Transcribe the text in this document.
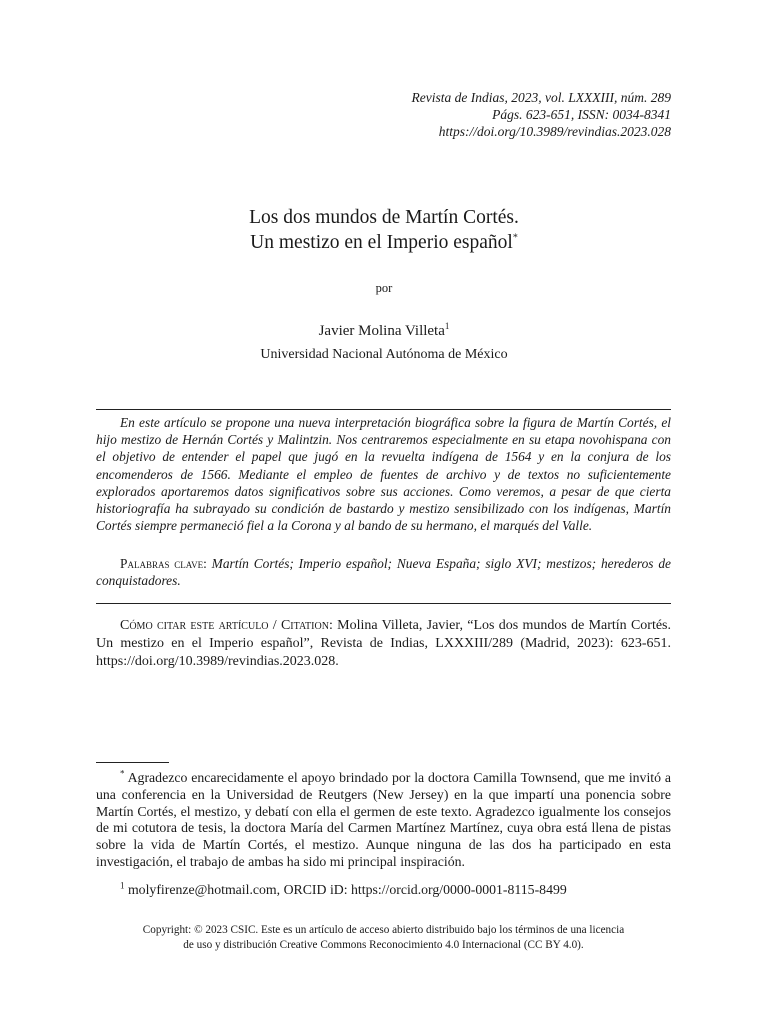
Revista de Indias, 2023, vol. LXXXIII, núm. 289
Págs. 623-651, ISSN: 0034-8341
https://doi.org/10.3989/revindias.2023.028
Los dos mundos de Martín Cortés.
Un mestizo en el Imperio español*
por
Javier Molina Villeta$^1$
Universidad Nacional Autónoma de México

En este artículo se propone una nueva interpretación biográfica sobre la figura de Martín Cortés, el hijo mestizo de Hernán Cortés y Malintzin. Nos centraremos especialmente en su etapa novohispana con el objetivo de entender el papel que jugó en la revuelta indígena de 1564 y en la conjura de los encomenderos de 1566. Mediante el empleo de fuentes de archivo y de textos no suficientemente explorados aportaremos datos significativos sobre sus acciones. Como veremos, a pesar de que cierta historiografía ha subrayado su condición de bastardo y mestizo sensibilizado con los indígenas, Martín Cortés siempre permaneció fiel a la Corona y al bando de su hermano, el marqués del Valle.

Palabras clave: Martín Cortés; Imperio español; Nueva España; siglo XVI; mestizos; herederos de conquistadores.

Cómo citar este artículo / Citation: Molina Villeta, Javier, “Los dos mundos de Martín Cortés. Un mestizo en el Imperio español”, Revista de Indias, LXXXIII/289 (Madrid, 2023): 623-651. https://doi.org/10.3989/revindias.2023.028.

* Agradezco encarecidamente el apoyo brindado por la doctora Camilla Townsend, que me invitó a una conferencia en la Universidad de Reutgers (New Jersey) en la que impartí una ponencia sobre Martín Cortés, el mestizo, y debatí con ella el germen de este texto. Agradezco igualmente los consejos de mi cotutora de tesis, la doctora María del Carmen Martínez Martínez, cuya obra está llena de pistas sobre la vida de Martín Cortés, el mestizo. Aunque ninguna de las dos ha participado en esta investigación, el trabajo de ambas ha sido mi principal inspiración.

$^1$ molyfirenze@hotmail.com, ORCID iD: https://orcid.org/0000-0001-8115-8499

Copyright: © 2023 CSIC. Este es un artículo de acceso abierto distribuido bajo los términos de una licencia
de uso y distribución Creative Commons Reconocimiento 4.0 Internacional (CC BY 4.0).
